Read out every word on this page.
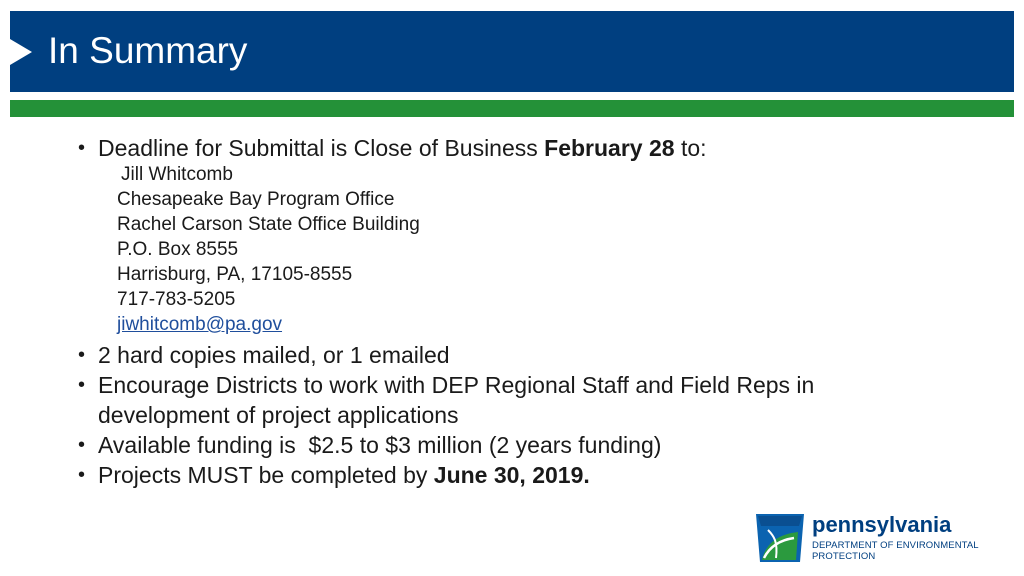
In Summary
• Deadline for Submittal is Close of Business February 28 to:
Jill Whitcomb
Chesapeake Bay Program Office
Rachel Carson State Office Building
P.O. Box 8555
Harrisburg, PA, 17105-8555
717-783-5205
jiwhitcomb@pa.gov
• 2 hard copies mailed, or 1 emailed
• Encourage Districts to work with DEP Regional Staff and Field Reps in
development of project applications
• Available funding is  $2.5 to $3 million (2 years funding)
• Projects MUST be completed by June 30, 2019.
pennsylvania
DEPARTMENT OF ENVIRONMENTAL
PROTECTION
